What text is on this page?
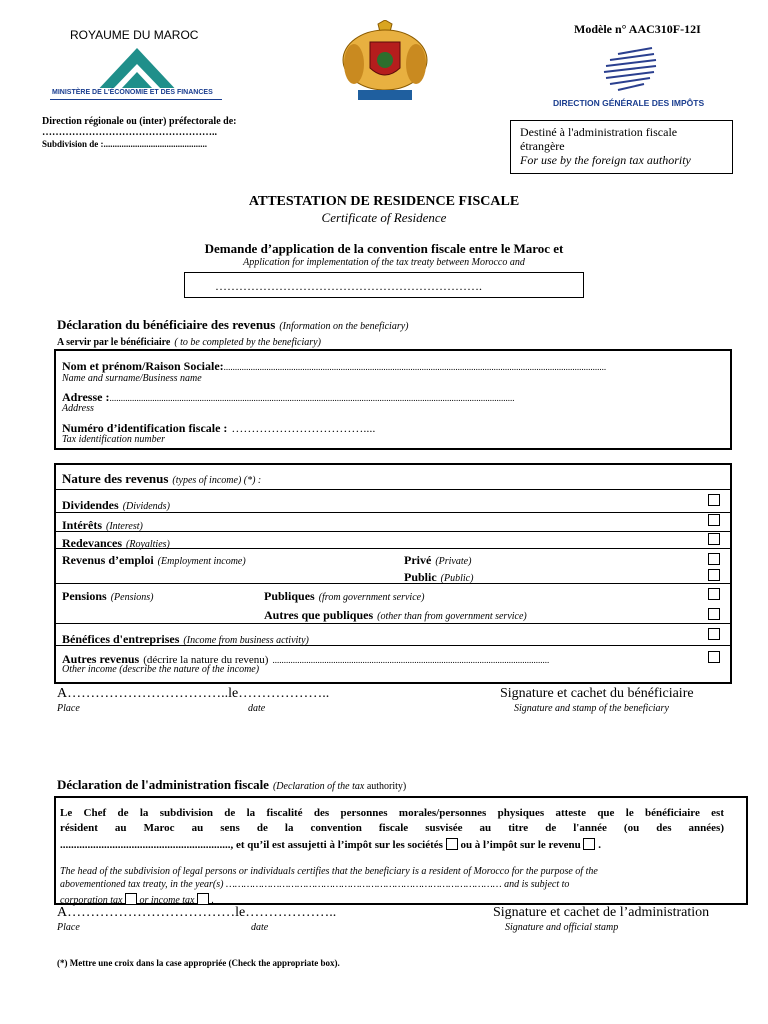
ROYAUME DU MAROC
MINISTÈRE DE L'ÉCONOMIE ET DES FINANCES
Modèle n° AAC310F-12I
DIRECTION GÉNÉRALE DES IMPÔTS
Direction régionale ou (inter) préfectorale de:
……………………………………………..
Subdivision de :..............................................
Destiné à l'administration fiscale
étrangère
For use by the foreign tax authority
ATTESTATION DE RESIDENCE FISCALE
Certificate of Residence
Demande d’application de la convention fiscale entre le Maroc et
Application for implementation of the tax treaty between Morocco and
………………………………………………………….
Déclaration du bénéficiaire des revenus (Information on the beneficiary)
A servir par le bénéficiaire ( to be completed by the beneficiary)
Nom et prénom/Raison Sociale:..........................................................................................................................................................................
Name and surname/Business name
Adresse :....................................................................................................................................................................................
Address
Numéro d’identification fiscale : ……………………………....
Tax identification number
Nature des revenus (types of income) (*) :
Dividendes (Dividends)
Intérêts (Interest)
Redevances (Royalties)
Revenus d’emploi (Employment income)	Privé (Private)
Public (Public)
Pensions (Pensions)	Publiques (from government service)
Autres que publiques (other than from government service)
Bénéfices d'entreprises (Income from business activity)
Autres revenus (décrire la nature du revenu) ...........................................................................................................................
Other income (describe the nature of the income)
A……………………………..le………………..
Place	date
Signature et cachet du bénéficiaire
Signature and stamp of the beneficiary
Déclaration de l'administration fiscale (Declaration of the tax authority)
Le Chef de la subdivision de la fiscalité des personnes morales/personnes physiques atteste que le bénéficiaire est
résident au Maroc au sens de la convention fiscale susvisée au titre de l'année (ou des années)
.............................................................., et qu’il est assujetti à l’impôt sur les sociétés ou à l’impôt sur le revenu .
The head of the subdivision of legal persons or individuals certifies that the beneficiary is a resident of Morocco for the purpose of the
abovementioned tax treaty, in the year(s) ………………………………………………………………………………… and is subject to
corporation tax or income tax .
A………………………………le………………..
Place	date
Signature et cachet de l’administration
Signature and official stamp
(*) Mettre une croix dans la case appropriée (Check the appropriate box).
